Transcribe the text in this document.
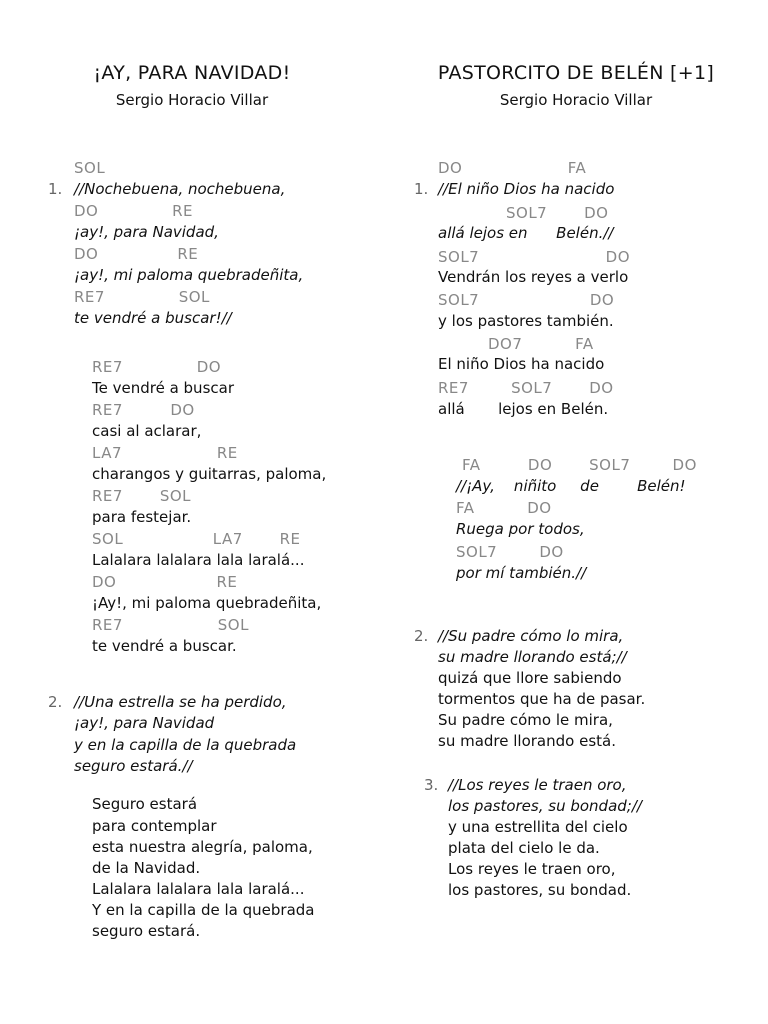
¡AY, PARA NAVIDAD!
Sergio Horacio Villar
1.
SOL
//Nochebuena, nochebuena,
DO              RE
¡ay!, para Navidad,
DO               RE
¡ay!, mi paloma quebradeñita,
RE7              SOL
te vendré a buscar!//
RE7              DO
Te vendré a buscar
RE7         DO
casi al aclarar,
LA7                  RE
charangos y guitarras, paloma,
RE7       SOL
para festejar.
SOL                 LA7       RE
Lalalara lalalara lala laralá...
DO                   RE
¡Ay!, mi paloma quebradeñita,
RE7                  SOL
te vendré a buscar.
2. //Una estrella se ha perdido,
¡ay!, para Navidad
y en la capilla de la quebrada
seguro estará.//
Seguro estará
para contemplar
esta nuestra alegría, paloma,
de la Navidad.
Lalalara lalalara lala laralá...
Y en la capilla de la quebrada
seguro estará.
PASTORCITO DE BELÉN [+1]
Sergio Horacio Villar
1.
DO                    FA
//El niño Dios ha nacido
SOL7       DO
allá lejos en      Belén.//
SOL7                        DO
Vendrán los reyes a verlo
SOL7                     DO
y los pastores también.
DO7          FA
El niño Dios ha nacido
RE7        SOL7       DO
allá       lejos en Belén.
FA         DO       SOL7        DO
//¡Ay,    niñito     de        Belén!
FA          DO
Ruega por todos,
SOL7        DO
por mí también.//
2. //Su padre cómo lo mira,
su madre llorando está;//
quizá que llore sabiendo
tormentos que ha de pasar.
Su padre cómo le mira,
su madre llorando está.
3. //Los reyes le traen oro,
los pastores, su bondad;//
y una estrellita del cielo
plata del cielo le da.
Los reyes le traen oro,
los pastores, su bondad.
